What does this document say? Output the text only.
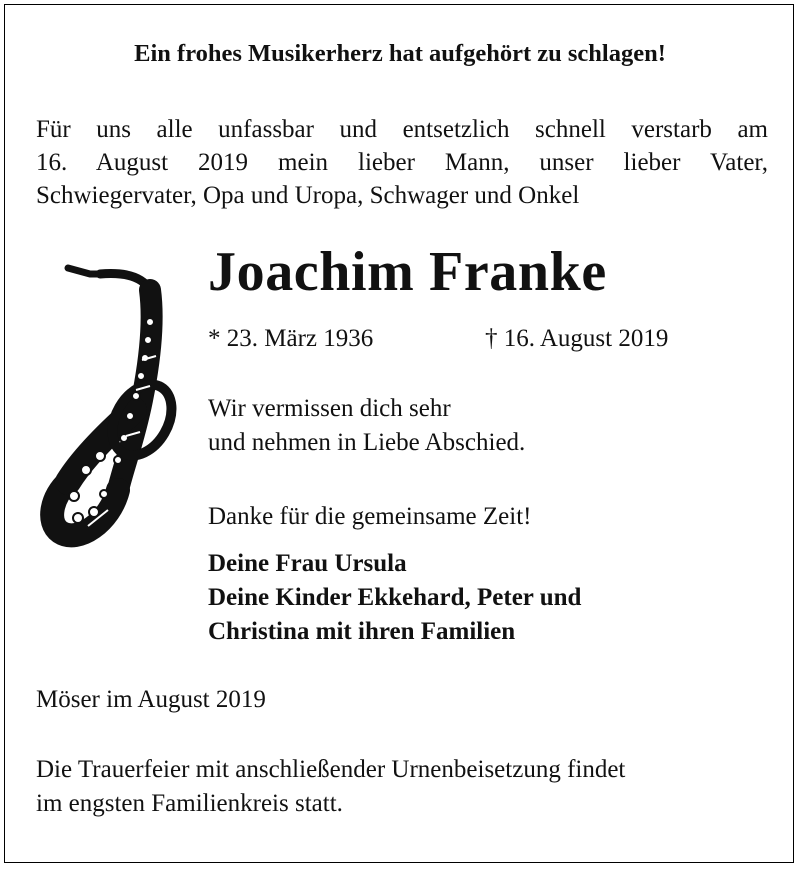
Ein frohes Musikerherz hat aufgehört zu schlagen!

Für uns alle unfassbar und entsetzlich schnell verstarb am
16. August 2019 mein lieber Mann, unser lieber Vater,
Schwiegervater, Opa und Uropa, Schwager und Onkel

Joachim Franke

* 23. März 1936	† 16. August 2019

Wir vermissen dich sehr

und nehmen in Liebe Abschied.

Danke für die gemeinsame Zeit!

Deine Frau Ursula

Deine Kinder Ekkehard, Peter und

Christina mit ihren Familien

Möser im August 2019

Die Trauerfeier mit anschließender Urnenbeisetzung findet

im engsten Familienkreis statt.
